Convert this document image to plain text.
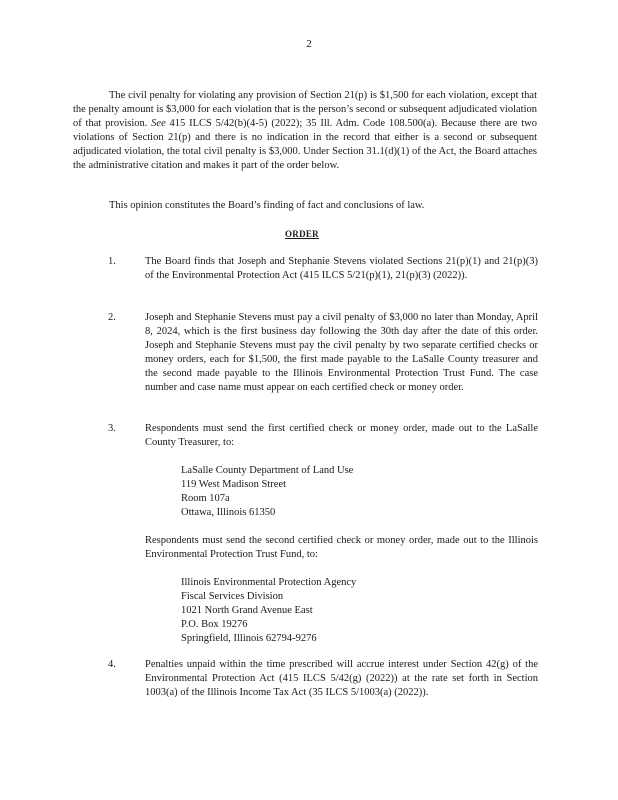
2
The civil penalty for violating any provision of Section 21(p) is $1,500 for each violation, except that the penalty amount is $3,000 for each violation that is the person’s second or subsequent adjudicated violation of that provision. See 415 ILCS 5/42(b)(4-5) (2022); 35 Ill. Adm. Code 108.500(a). Because there are two violations of Section 21(p) and there is no indication in the record that either is a second or subsequent adjudicated violation, the total civil penalty is $3,000. Under Section 31.1(d)(1) of the Act, the Board attaches the administrative citation and makes it part of the order below.
This opinion constitutes the Board’s finding of fact and conclusions of law.
ORDER
1.	The Board finds that Joseph and Stephanie Stevens violated Sections 21(p)(1) and 21(p)(3) of the Environmental Protection Act (415 ILCS 5/21(p)(1), 21(p)(3) (2022)).
2.	Joseph and Stephanie Stevens must pay a civil penalty of $3,000 no later than Monday, April 8, 2024, which is the first business day following the 30th day after the date of this order. Joseph and Stephanie Stevens must pay the civil penalty by two separate certified checks or money orders, each for $1,500, the first made payable to the LaSalle County treasurer and the second made payable to the Illinois Environmental Protection Trust Fund. The case number and case name must appear on each certified check or money order.
3.	Respondents must send the first certified check or money order, made out to the LaSalle County Treasurer, to:
LaSalle County Department of Land Use
119 West Madison Street
Room 107a
Ottawa, Illinois 61350
Respondents must send the second certified check or money order, made out to the Illinois Environmental Protection Trust Fund, to:
Illinois Environmental Protection Agency
Fiscal Services Division
1021 North Grand Avenue East
P.O. Box 19276
Springfield, Illinois 62794-9276
4.	Penalties unpaid within the time prescribed will accrue interest under Section 42(g) of the Environmental Protection Act (415 ILCS 5/42(g) (2022)) at the rate set forth in Section 1003(a) of the Illinois Income Tax Act (35 ILCS 5/1003(a) (2022)).
